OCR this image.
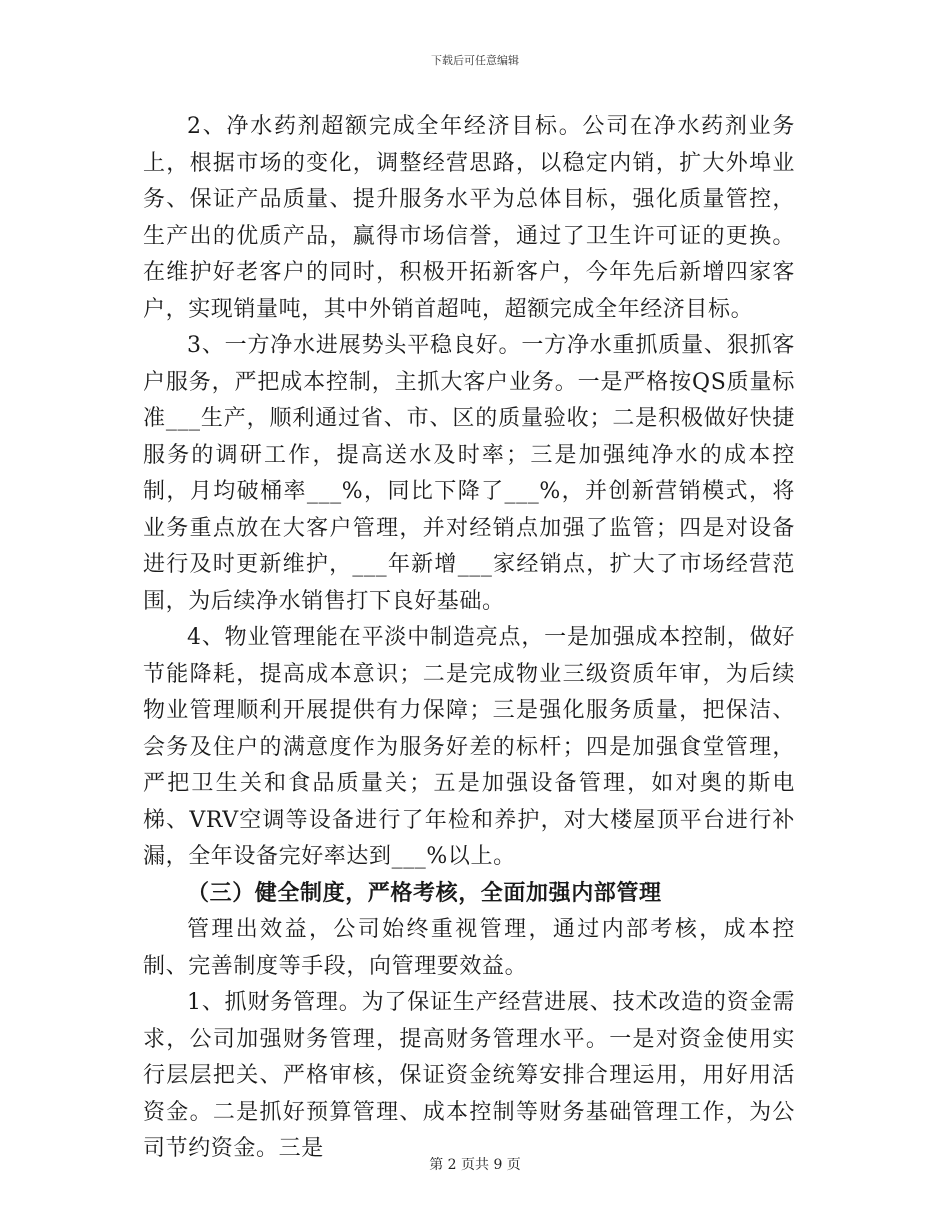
下载后可任意编辑

2、净水药剂超额完成全年经济目标。公司在净水药剂业务上，根据市场的变化，调整经营思路，以稳定内销，扩大外埠业务、保证产品质量、提升服务水平为总体目标，强化质量管控，生产出的优质产品，赢得市场信誉，通过了卫生许可证的更换。在维护好老客户的同时，积极开拓新客户，今年先后新增四家客户，实现销量吨，其中外销首超吨，超额完成全年经济目标。

3、一方净水进展势头平稳良好。一方净水重抓质量、狠抓客户服务，严把成本控制，主抓大客户业务。一是严格按QS质量标准___生产，顺利通过省、市、区的质量验收；二是积极做好快捷服务的调研工作，提高送水及时率；三是加强纯净水的成本控制，月均破桶率___%，同比下降了___%，并创新营销模式，将业务重点放在大客户管理，并对经销点加强了监管；四是对设备进行及时更新维护，___年新增___家经销点，扩大了市场经营范围，为后续净水销售打下良好基础。

4、物业管理能在平淡中制造亮点，一是加强成本控制，做好节能降耗，提高成本意识；二是完成物业三级资质年审，为后续物业管理顺利开展提供有力保障；三是强化服务质量，把保洁、会务及住户的满意度作为服务好差的标杆；四是加强食堂管理，严把卫生关和食品质量关；五是加强设备管理，如对奥的斯电梯、VRV空调等设备进行了年检和养护，对大楼屋顶平台进行补漏，全年设备完好率达到___%以上。

（三）健全制度，严格考核，全面加强内部管理

管理出效益，公司始终重视管理，通过内部考核，成本控制、完善制度等手段，向管理要效益。

1、抓财务管理。为了保证生产经营进展、技术改造的资金需求，公司加强财务管理，提高财务管理水平。一是对资金使用实行层层把关、严格审核，保证资金统筹安排合理运用，用好用活资金。二是抓好预算管理、成本控制等财务基础管理工作，为公司节约资金。三是

第 2 页共 9 页
